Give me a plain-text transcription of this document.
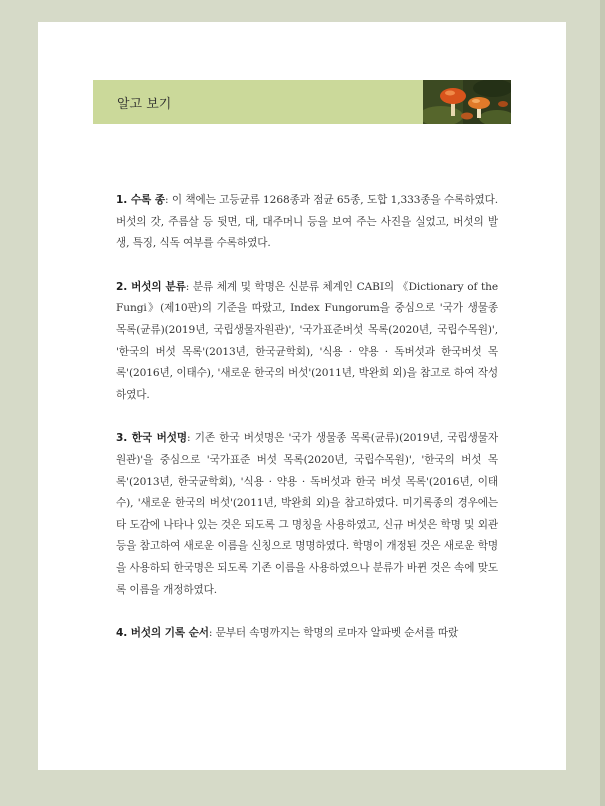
알고 보기

1. 수록 종: 이 책에는 고등균류 1268종과 점균 65종, 도합 1,333종을 수록하였다. 버섯의 갓, 주름살 등 뒷면, 대, 대주머니 등을 보여 주는 사진을 실었고, 버섯의 발생, 특징, 식독 여부를 수록하였다.

2. 버섯의 분류: 분류 체계 및 학명은 신분류 체계인 CABI의 《Dictionary of the Fungi》(제10판)의 기준을 따랐고, Index Fungorum을 중심으로 '국가 생물종 목록(균류)(2019년, 국립생물자원관)', '국가표준버섯 목록(2020년, 국립수목원)', '한국의 버섯 목록'(2013년, 한국균학회), '식용 · 약용 · 독버섯과 한국버섯 목록'(2016년, 이태수), '새로운 한국의 버섯'(2011년, 박완희 외)을 참고로 하여 작성하였다.

3. 한국 버섯명: 기존 한국 버섯명은 '국가 생물종 목록(균류)(2019년, 국립생물자원관)'을 중심으로 '국가표준 버섯 목록(2020년, 국립수목원)', '한국의 버섯 목록'(2013년, 한국균학회), '식용 · 약용 · 독버섯과 한국 버섯 목록'(2016년, 이태수), '새로운 한국의 버섯'(2011년, 박완희 외)을 참고하였다. 미기록종의 경우에는 타 도감에 나타나 있는 것은 되도록 그 명칭을 사용하였고, 신규 버섯은 학명 및 외관 등을 참고하여 새로운 이름을 신칭으로 명명하였다. 학명이 개정된 것은 새로운 학명을 사용하되 한국명은 되도록 기존 이름을 사용하였으나 분류가 바뀐 것은 속에 맞도록 이름을 개정하였다.

4. 버섯의 기록 순서: 문부터 속명까지는 학명의 로마자 알파벳 순서를 따랐
